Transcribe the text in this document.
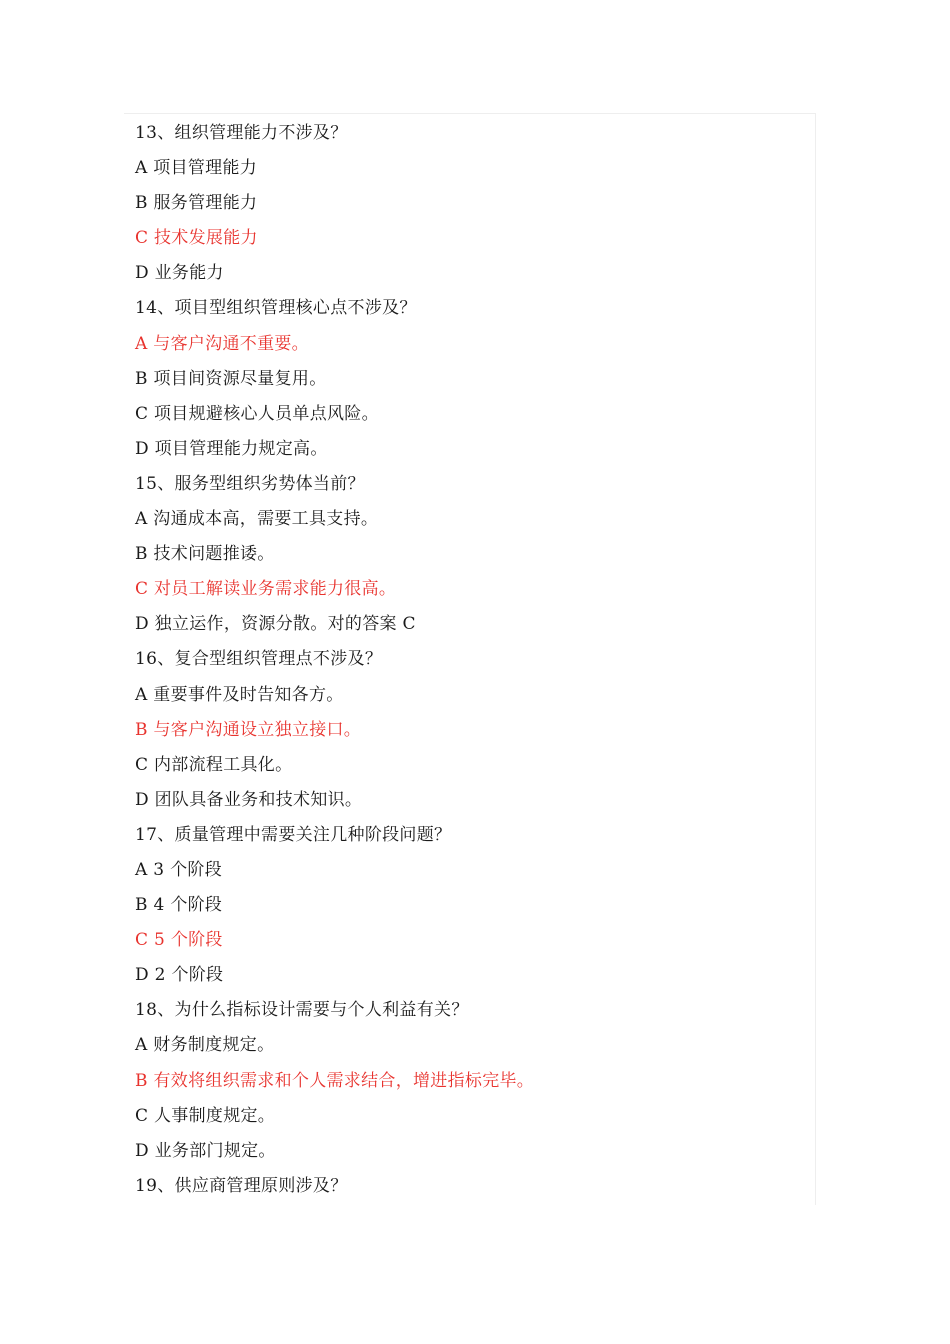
13、组织管理能力不涉及？
A 项目管理能力
B 服务管理能力
C 技术发展能力
D 业务能力
14、项目型组织管理核心点不涉及？
A 与客户沟通不重要。
B 项目间资源尽量复用。
C 项目规避核心人员单点风险。
D 项目管理能力规定高。
15、服务型组织劣势体当前？
A 沟通成本高，需要工具支持。
B 技术问题推诿。
C 对员工解读业务需求能力很高。
D 独立运作，资源分散。对的答案 C
16、复合型组织管理点不涉及？
A 重要事件及时告知各方。
B 与客户沟通设立独立接口。
C 内部流程工具化。
D 团队具备业务和技术知识。
17、质量管理中需要关注几种阶段问题？
A 3 个阶段
B 4 个阶段
C 5 个阶段
D 2 个阶段
18、为什么指标设计需要与个人利益有关？
A 财务制度规定。
B 有效将组织需求和个人需求结合，增进指标完毕。
C 人事制度规定。
D 业务部门规定。
19、供应商管理原则涉及？
